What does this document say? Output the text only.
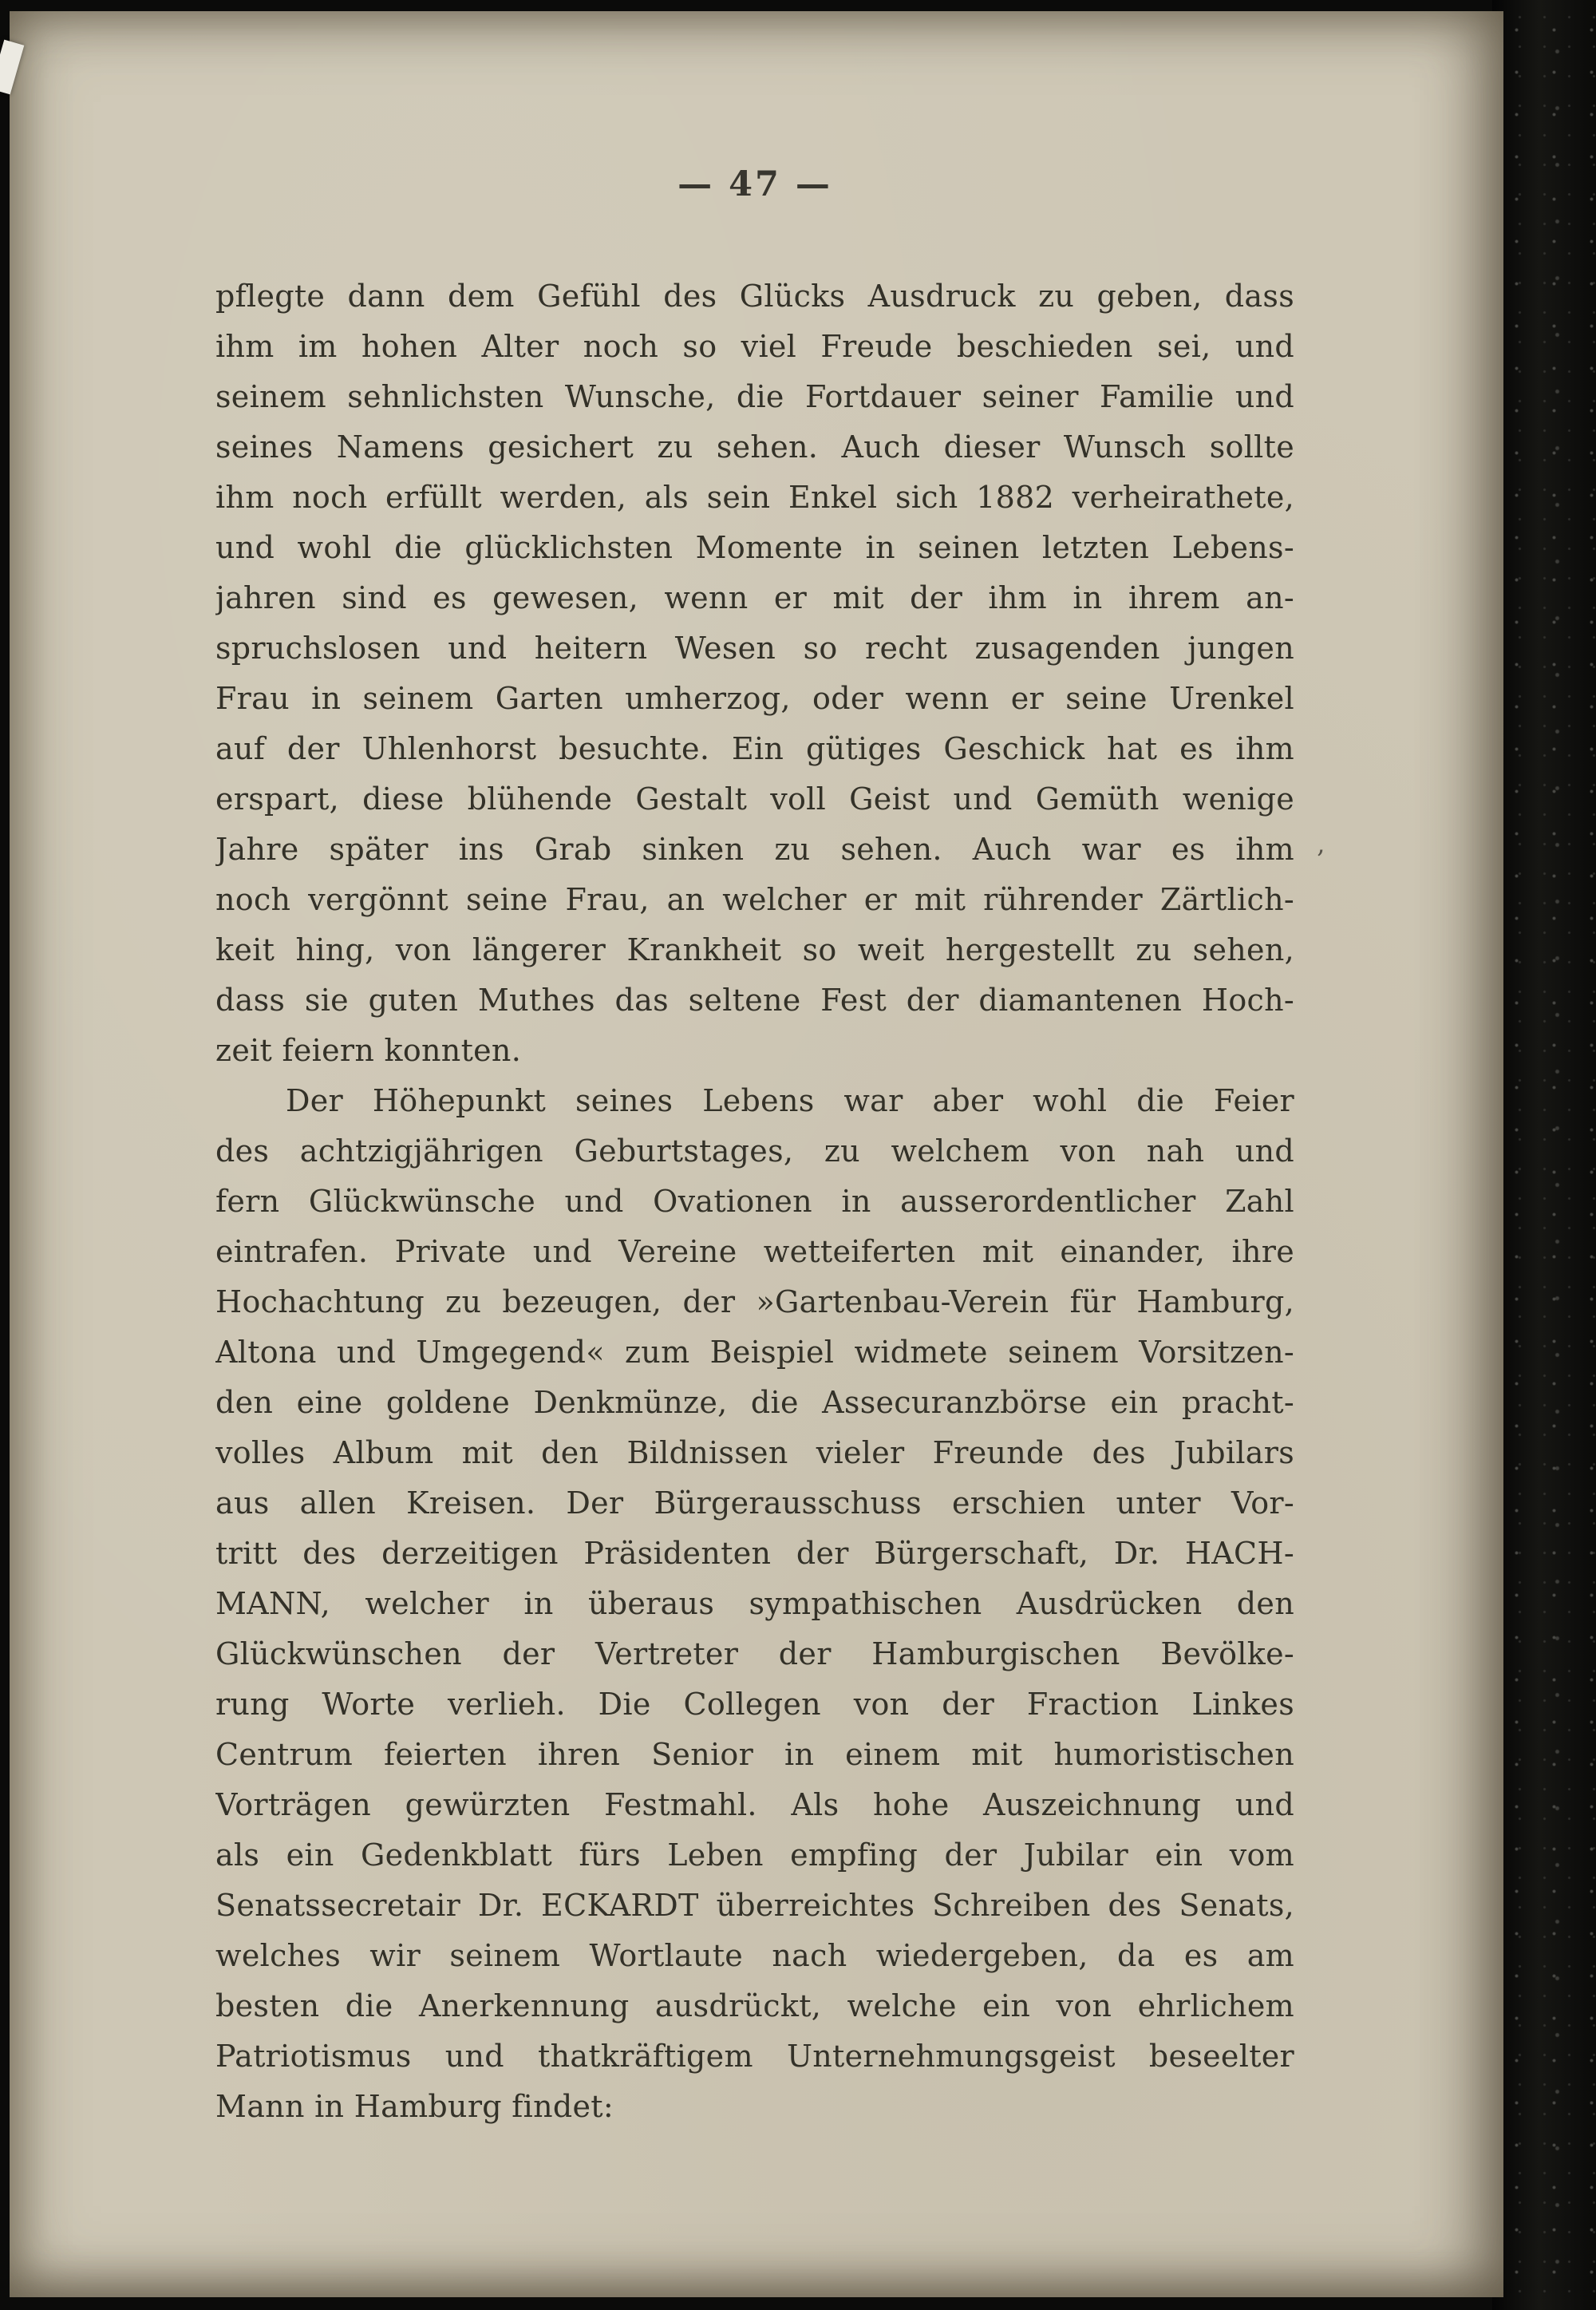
— 47 —
pflegte dann dem Gefühl des Glücks Ausdruck zu geben, dass
ihm im hohen Alter noch so viel Freude beschieden sei, und
seinem sehnlichsten Wunsche, die Fortdauer seiner Familie und
seines Namens gesichert zu sehen. Auch dieser Wunsch sollte
ihm noch erfüllt werden, als sein Enkel sich 1882 verheirathete,
und wohl die glücklichsten Momente in seinen letzten Lebens-
jahren sind es gewesen, wenn er mit der ihm in ihrem an-
spruchslosen und heitern Wesen so recht zusagenden jungen
Frau in seinem Garten umherzog, oder wenn er seine Urenkel
auf der Uhlenhorst besuchte. Ein gütiges Geschick hat es ihm
erspart, diese blühende Gestalt voll Geist und Gemüth wenige
Jahre später ins Grab sinken zu sehen. Auch war es ihm
noch vergönnt seine Frau, an welcher er mit rührender Zärtlich-
keit hing, von längerer Krankheit so weit hergestellt zu sehen,
dass sie guten Muthes das seltene Fest der diamantenen Hoch-
zeit feiern konnten.
Der Höhepunkt seines Lebens war aber wohl die Feier
des achtzigjährigen Geburtstages, zu welchem von nah und
fern Glückwünsche und Ovationen in ausserordentlicher Zahl
eintrafen. Private und Vereine wetteiferten mit einander, ihre
Hochachtung zu bezeugen, der »Gartenbau-Verein für Hamburg,
Altona und Umgegend« zum Beispiel widmete seinem Vorsitzen-
den eine goldene Denkmünze, die Assecuranzbörse ein pracht-
volles Album mit den Bildnissen vieler Freunde des Jubilars
aus allen Kreisen. Der Bürgerausschuss erschien unter Vor-
tritt des derzeitigen Präsidenten der Bürgerschaft, Dr. HACH-
MANN, welcher in überaus sympathischen Ausdrücken den
Glückwünschen der Vertreter der Hamburgischen Bevölke-
rung Worte verlieh. Die Collegen von der Fraction Linkes
Centrum feierten ihren Senior in einem mit humoristischen
Vorträgen gewürzten Festmahl. Als hohe Auszeichnung und
als ein Gedenkblatt fürs Leben empfing der Jubilar ein vom
Senatssecretair Dr. ECKARDT überreichtes Schreiben des Senats,
welches wir seinem Wortlaute nach wiedergeben, da es am
besten die Anerkennung ausdrückt, welche ein von ehrlichem
Patriotismus und thatkräftigem Unternehmungsgeist beseelter
Mann in Hamburg findet:
‚
